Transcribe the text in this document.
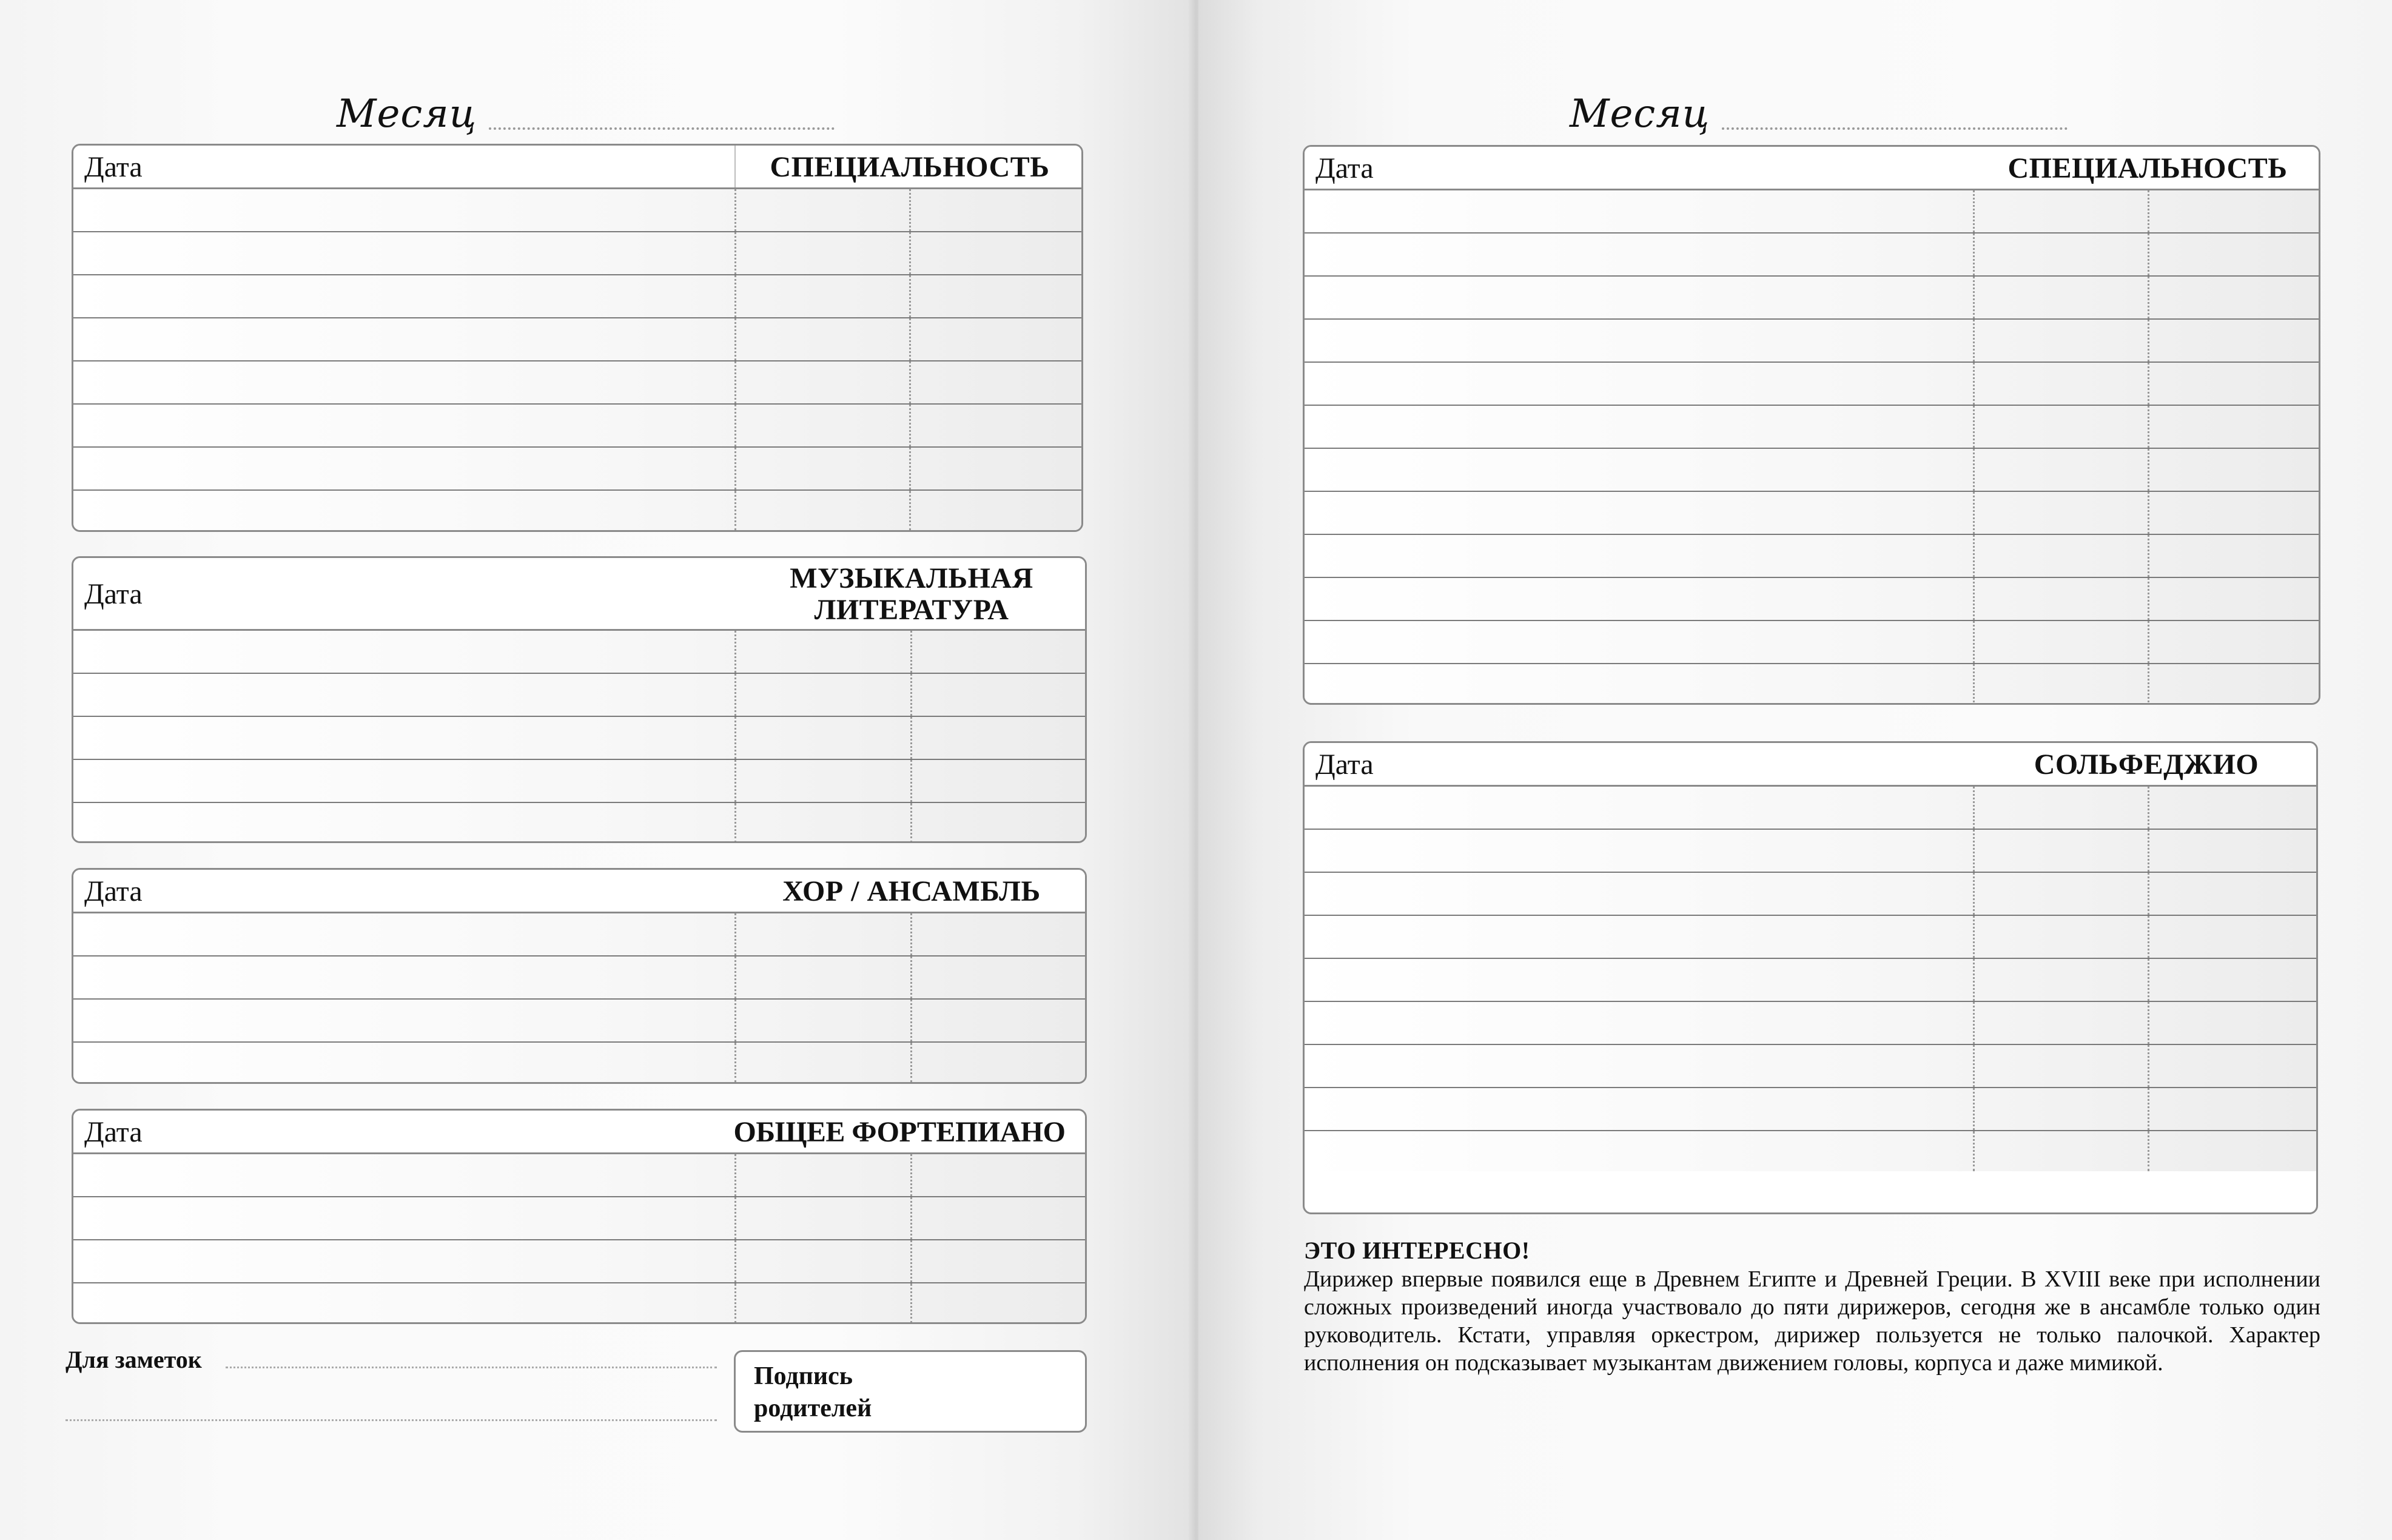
Месяц
Дата	СПЕЦИАЛЬНОСТЬ
Дата	МУЗЫКАЛЬНАЯ
ЛИТЕРАТУРА
Дата	ХОР / АНСАМБЛЬ
Дата	ОБЩЕЕ ФОРТЕПИАНО
Для заметок
Подпись родителей
Месяц
Дата	СПЕЦИАЛЬНОСТЬ
Дата	СОЛЬФЕДЖИО
ЭТО ИНТЕРЕСНО!
Дирижер впервые появился еще в Древнем Египте и Древней Греции. В XVIII веке при исполнении сложных произведений иногда участвовало до пяти дирижеров, сегодня же в ансамбле только один руководитель. Кстати, управляя оркестром, дирижер пользуется не только палочкой. Характер исполнения он подсказывает музыкантам движением головы, корпуса и даже мимикой.
